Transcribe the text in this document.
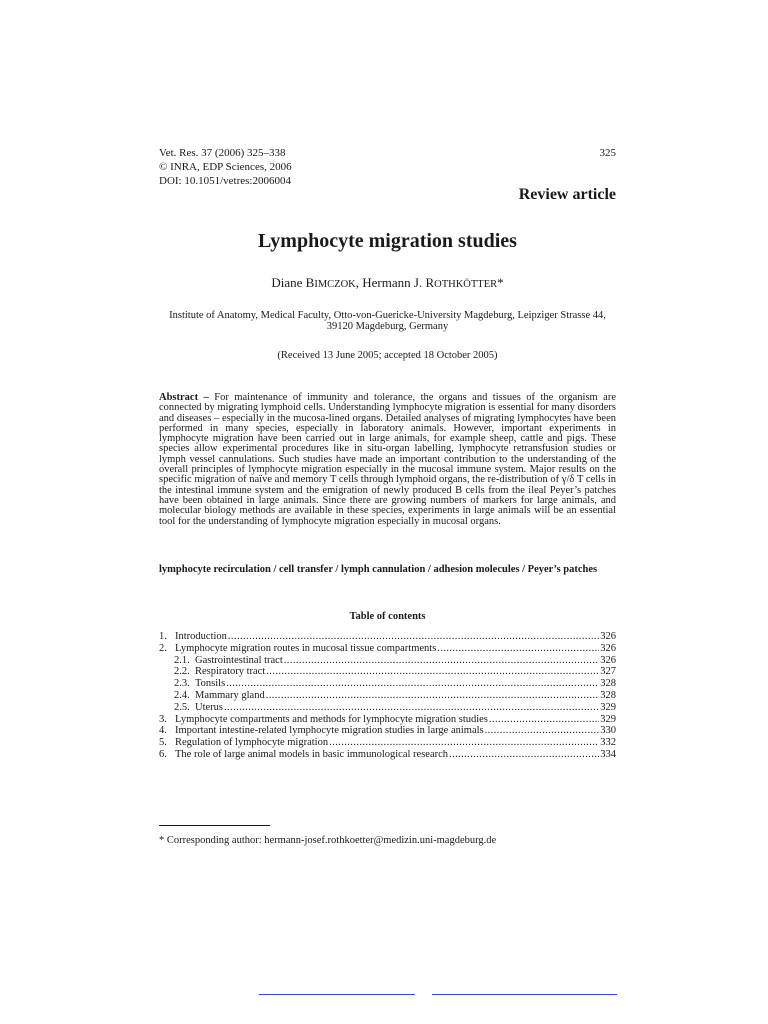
Vet. Res. 37 (2006) 325–338
© INRA, EDP Sciences, 2006
DOI: 10.1051/vetres:2006004
325
Review article
Lymphocyte migration studies
Diane BIMCZOK, Hermann J. ROTHKÖTTER*
Institute of Anatomy, Medical Faculty, Otto-von-Guericke-University Magdeburg, Leipziger Strasse 44,
39120 Magdeburg, Germany
(Received 13 June 2005; accepted 18 October 2005)
Abstract – For maintenance of immunity and tolerance, the organs and tissues of the organism are connected by migrating lymphoid cells. Understanding lymphocyte migration is essential for many disorders and diseases – especially in the mucosa-lined organs. Detailed analyses of migrating lymphocytes have been performed in many species, especially in laboratory animals. However, important experiments in lymphocyte migration have been carried out in large animals, for example sheep, cattle and pigs. These species allow experimental procedures like in situ-organ labelling, lymphocyte retransfusion studies or lymph vessel cannulations. Such studies have made an important contribution to the understanding of the overall principles of lymphocyte migration especially in the mucosal immune system. Major results on the specific migration of naïve and memory T cells through lymphoid organs, the re-distribution of γ/δ T cells in the intestinal immune system and the emigration of newly produced B cells from the ileal Peyer’s patches have been obtained in large animals. Since there are growing numbers of markers for large animals, and molecular biology methods are available in these species, experiments in large animals will be an essential tool for the understanding of lymphocyte migration especially in mucosal organs.
lymphocyte recirculation / cell transfer / lymph cannulation / adhesion molecules / Peyer’s patches
Table of contents
1. Introduction .....	326
2. Lymphocyte migration routes in mucosal tissue compartments .....	326
2.1. Gastrointestinal tract .....	326
2.2. Respiratory tract .....	327
2.3. Tonsils .....	328
2.4. Mammary gland .....	328
2.5. Uterus .....	329
3. Lymphocyte compartments and methods for lymphocyte migration studies .....	329
4. Important intestine-related lymphocyte migration studies in large animals .....	330
5. Regulation of lymphocyte migration .....	332
6. The role of large animal models in basic immunological research .....	334
* Corresponding author: hermann-josef.rothkoetter@medizin.uni-magdeburg.de
